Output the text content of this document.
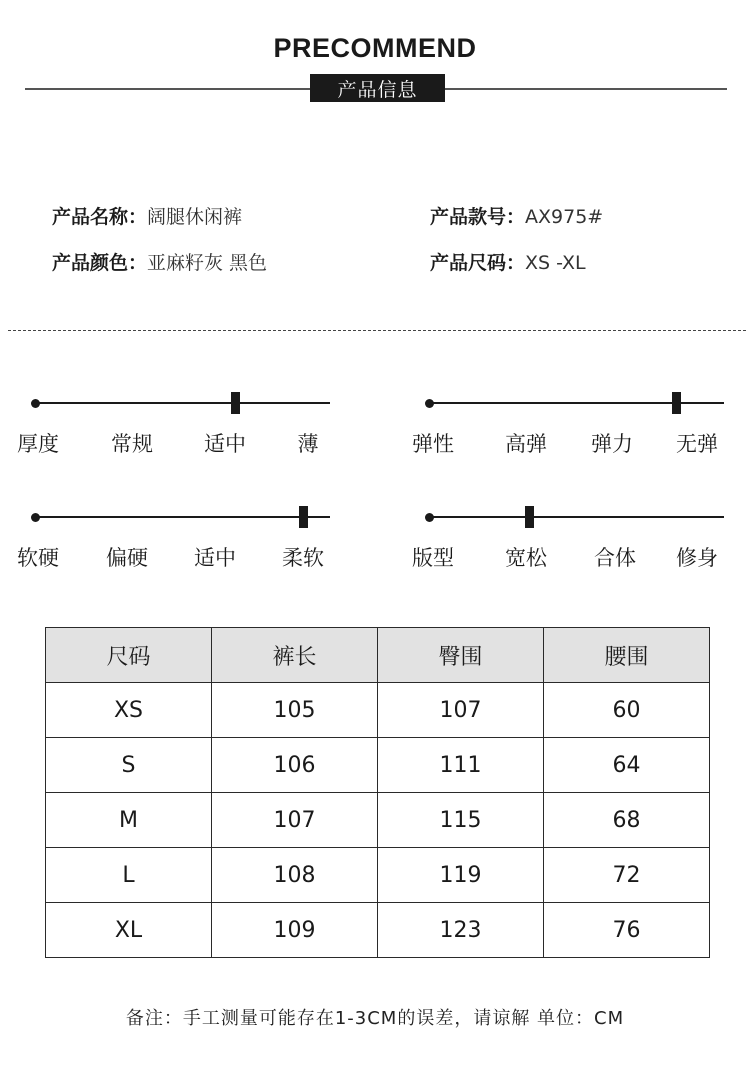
PRECOMMEND
产品信息
产品名称：阔腿休闲裤	产品款号：AX975#
产品颜色：亚麻籽灰 黑色	产品尺码：XS -XL
厚度	常规	适中	薄	弹性	高弹	弹力	无弹
软硬	偏硬	适中	柔软	版型	宽松	合体	修身
尺码	裤长	臀围	腰围
XS	105	107	60
S	106	111	64
M	107	115	68
L	108	119	72
XL	109	123	76
备注：手工测量可能存在1-3CM的误差，请谅解 单位：CM
